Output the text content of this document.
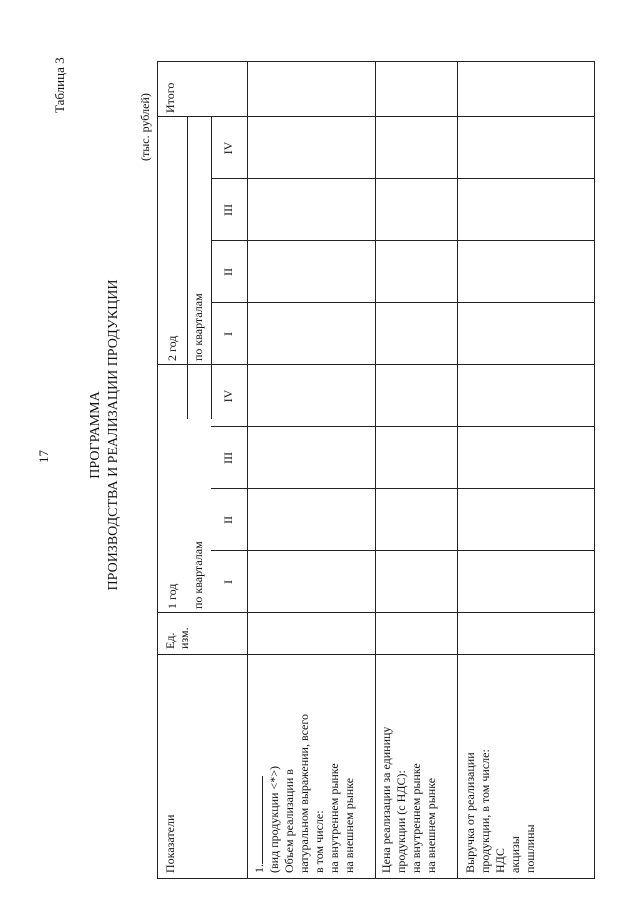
17
Таблица 3
ПРОГРАММА ПРОИЗВОДСТВА И РЕАЛИЗАЦИИ ПРОДУКЦИИ
(тыс. рублей)
Показатели
Ед. изм.
1 год по кварталам
2 год по кварталам
Итого
I
II
III
IV
I
II
III
IV
1. (вид продукции <*>) Объем реализации в натуральном выражении, всего в том числе: на внутреннем рынке на внешнем рынке Цена реализации за единицу продукции (с НДС): на внутреннем рынке на внешнем рынке Выручка от реализации продукции, в том числе: НДС акцизы пошлины
